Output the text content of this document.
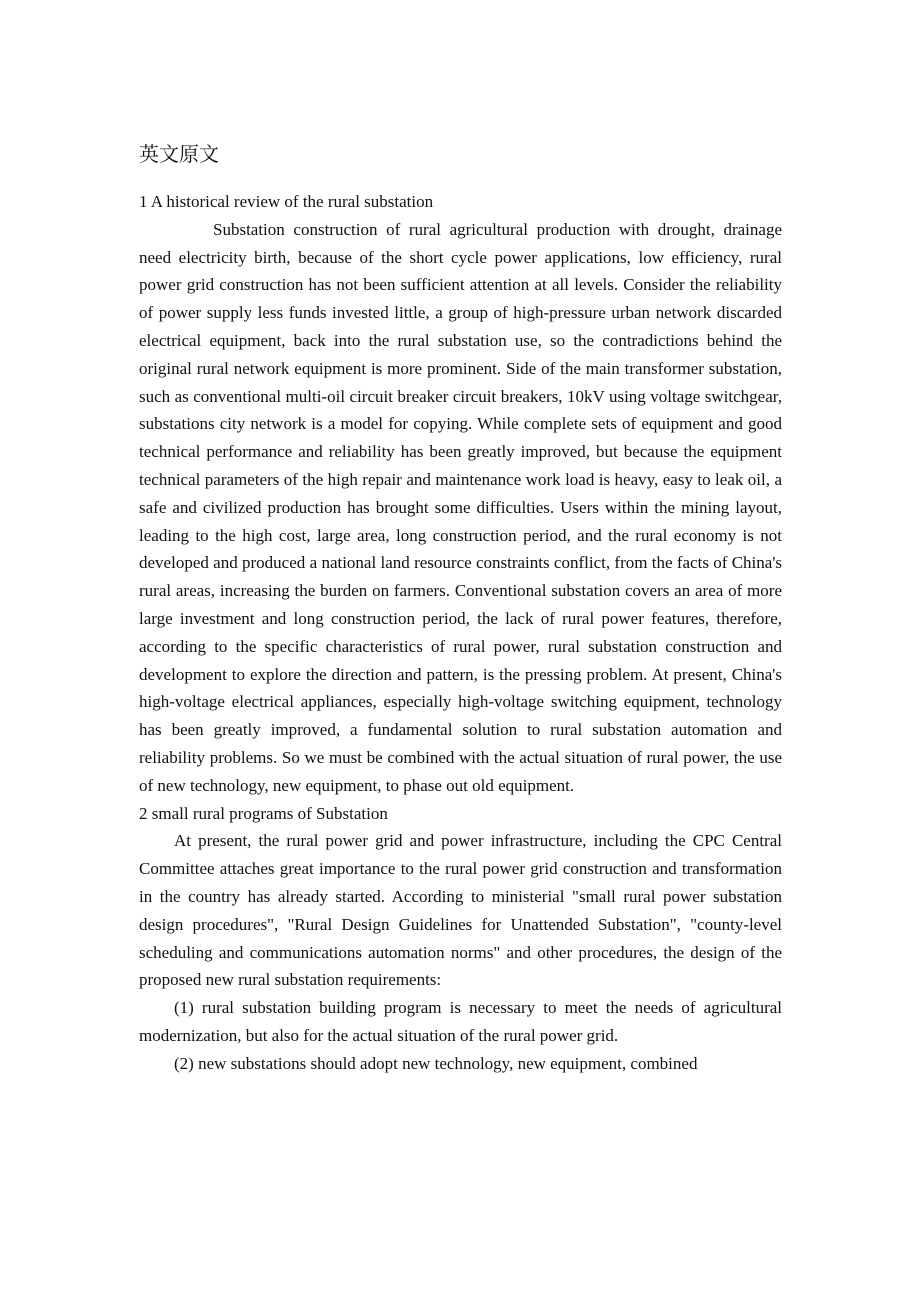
英文原文

1 A historical review of the rural substation

Substation construction of rural agricultural production with drought, drainage need electricity birth, because of the short cycle power applications, low efficiency, rural power grid construction has not been sufficient attention at all levels. Consider the reliability of power supply less funds invested little, a group of high-pressure urban network discarded electrical equipment, back into the rural substation use, so the contradictions behind the original rural network equipment is more prominent. Side of the main transformer substation, such as conventional multi-oil circuit breaker circuit breakers, 10kV using voltage switchgear, substations city network is a model for copying. While complete sets of equipment and good technical performance and reliability has been greatly improved, but because the equipment technical parameters of the high repair and maintenance work load is heavy, easy to leak oil, a safe and civilized production has brought some difficulties. Users within the mining layout, leading to the high cost, large area, long construction period, and the rural economy is not developed and produced a national land resource constraints conflict, from the facts of China's rural areas, increasing the burden on farmers. Conventional substation covers an area of more large investment and long construction period, the lack of rural power features, therefore, according to the specific characteristics of rural power, rural substation construction and development to explore the direction and pattern, is the pressing problem. At present, China's high-voltage electrical appliances, especially high-voltage switching equipment, technology has been greatly improved, a fundamental solution to rural substation automation and reliability problems. So we must be combined with the actual situation of rural power, the use of new technology, new equipment, to phase out old equipment.

2 small rural programs of Substation

At present, the rural power grid and power infrastructure, including the CPC Central Committee attaches great importance to the rural power grid construction and transformation in the country has already started. According to ministerial "small rural power substation design procedures", "Rural Design Guidelines for Unattended Substation", "county-level scheduling and communications automation norms" and other procedures, the design of the proposed new rural substation requirements:

(1) rural substation building program is necessary to meet the needs of agricultural modernization, but also for the actual situation of the rural power grid.

(2) new substations should adopt new technology, new equipment, combined
